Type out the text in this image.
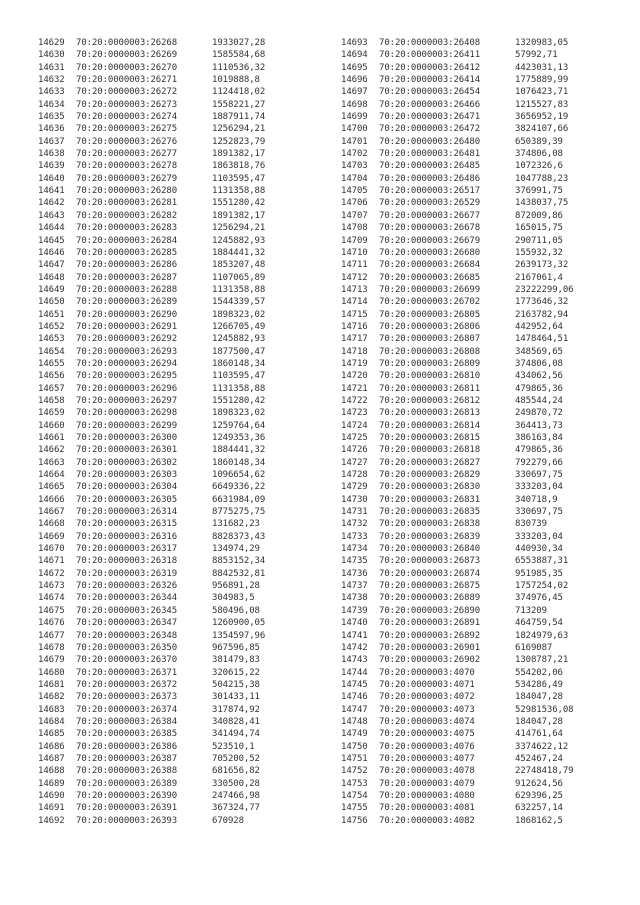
14629 70:20:0000003:26268	1933027,28
14630 70:20:0000003:26269	1585584,68
14631 70:20:0000003:26270	1110536,32
14632 70:20:0000003:26271	1019888,8
14633 70:20:0000003:26272	1124418,02
14634 70:20:0000003:26273	1558221,27
14635 70:20:0000003:26274	1887911,74
14636 70:20:0000003:26275	1256294,21
14637 70:20:0000003:26276	1252823,79
14638 70:20:0000003:26277	1891382,17
14639 70:20:0000003:26278	1863818,76
14640 70:20:0000003:26279	1103595,47
14641 70:20:0000003:26280	1131358,88
14642 70:20:0000003:26281	1551280,42
14643 70:20:0000003:26282	1891382,17
14644 70:20:0000003:26283	1256294,21
14645 70:20:0000003:26284	1245882,93
14646 70:20:0000003:26285	1884441,32
14647 70:20:0000003:26286	1853207,48
14648 70:20:0000003:26287	1107065,89
14649 70:20:0000003:26288	1131358,88
14650 70:20:0000003:26289	1544339,57
14651 70:20:0000003:26290	1898323,02
14652 70:20:0000003:26291	1266705,49
14653 70:20:0000003:26292	1245882,93
14654 70:20:0000003:26293	1877500,47
14655 70:20:0000003:26294	1860148,34
14656 70:20:0000003:26295	1103595,47
14657 70:20:0000003:26296	1131358,88
14658 70:20:0000003:26297	1551280,42
14659 70:20:0000003:26298	1898323,02
14660 70:20:0000003:26299	1259764,64
14661 70:20:0000003:26300	1249353,36
14662 70:20:0000003:26301	1884441,32
14663 70:20:0000003:26302	1860148,34
14664 70:20:0000003:26303	1096654,62
14665 70:20:0000003:26304	6649336,22
14666 70:20:0000003:26305	6631984,09
14667 70:20:0000003:26314	8775275,75
14668 70:20:0000003:26315	131682,23
14669 70:20:0000003:26316	8828373,43
14670 70:20:0000003:26317	134974,29
14671 70:20:0000003:26318	8853152,34
14672 70:20:0000003:26319	8842532,81
14673 70:20:0000003:26326	956891,28
14674 70:20:0000003:26344	304983,5
14675 70:20:0000003:26345	580496,08
14676 70:20:0000003:26347	1260900,05
14677 70:20:0000003:26348	1354597,96
14678 70:20:0000003:26350	967596,85
14679 70:20:0000003:26370	381479,83
14680 70:20:0000003:26371	320615,22
14681 70:20:0000003:26372	504215,38
14682 70:20:0000003:26373	301433,11
14683 70:20:0000003:26374	317874,92
14684 70:20:0000003:26384	340828,41
14685 70:20:0000003:26385	341494,74
14686 70:20:0000003:26386	523510,1
14687 70:20:0000003:26387	705200,52
14688 70:20:0000003:26388	681656,82
14689 70:20:0000003:26389	330500,28
14690 70:20:0000003:26390	247466,98
14691 70:20:0000003:26391	367324,77
14692 70:20:0000003:26393	670928
14693 70:20:0000003:26408	1320983,05
14694 70:20:0000003:26411	57992,71
14695 70:20:0000003:26412	4423031,13
14696 70:20:0000003:26414	1775889,99
14697 70:20:0000003:26454	1076423,71
14698 70:20:0000003:26466	1215527,83
14699 70:20:0000003:26471	3656952,19
14700 70:20:0000003:26472	3824107,66
14701 70:20:0000003:26480	650389,39
14702 70:20:0000003:26481	374806,08
14703 70:20:0000003:26485	1072326,6
14704 70:20:0000003:26486	1047788,23
14705 70:20:0000003:26517	376991,75
14706 70:20:0000003:26529	1438037,75
14707 70:20:0000003:26677	872009,86
14708 70:20:0000003:26678	165015,75
14709 70:20:0000003:26679	290711,05
14710 70:20:0000003:26680	155932,32
14711 70:20:0000003:26684	2639173,32
14712 70:20:0000003:26685	2167061,4
14713 70:20:0000003:26699	23222299,06
14714 70:20:0000003:26702	1773646,32
14715 70:20:0000003:26805	2163782,94
14716 70:20:0000003:26806	442952,64
14717 70:20:0000003:26807	1478464,51
14718 70:20:0000003:26808	348569,65
14719 70:20:0000003:26809	374806,08
14720 70:20:0000003:26810	434062,56
14721 70:20:0000003:26811	479865,36
14722 70:20:0000003:26812	485544,24
14723 70:20:0000003:26813	249870,72
14724 70:20:0000003:26814	364413,73
14725 70:20:0000003:26815	386163,84
14726 70:20:0000003:26818	479865,36
14727 70:20:0000003:26827	792279,66
14728 70:20:0000003:26829	330697,75
14729 70:20:0000003:26830	333203,04
14730 70:20:0000003:26831	340718,9
14731 70:20:0000003:26835	330697,75
14732 70:20:0000003:26838	830739
14733 70:20:0000003:26839	333203,04
14734 70:20:0000003:26840	440930,34
14735 70:20:0000003:26873	6553887,31
14736 70:20:0000003:26874	951985,35
14737 70:20:0000003:26875	1757254,02
14738 70:20:0000003:26889	374976,45
14739 70:20:0000003:26890	713209
14740 70:20:0000003:26891	464759,54
14741 70:20:0000003:26892	1824979,63
14742 70:20:0000003:26901	6169087
14743 70:20:0000003:26902	1308787,21
14744 70:20:0000003:4070	554202,06
14745 70:20:0000003:4071	534286,49
14746 70:20:0000003:4072	184047,28
14747 70:20:0000003:4073	52981536,08
14748 70:20:0000003:4074	184047,28
14749 70:20:0000003:4075	414761,64
14750 70:20:0000003:4076	3374622,12
14751 70:20:0000003:4077	452467,24
14752 70:20:0000003:4078	22748418,79
14753 70:20:0000003:4079	912624,56
14754 70:20:0000003:4080	629396,25
14755 70:20:0000003:4081	632257,14
14756 70:20:0000003:4082	1868162,5
